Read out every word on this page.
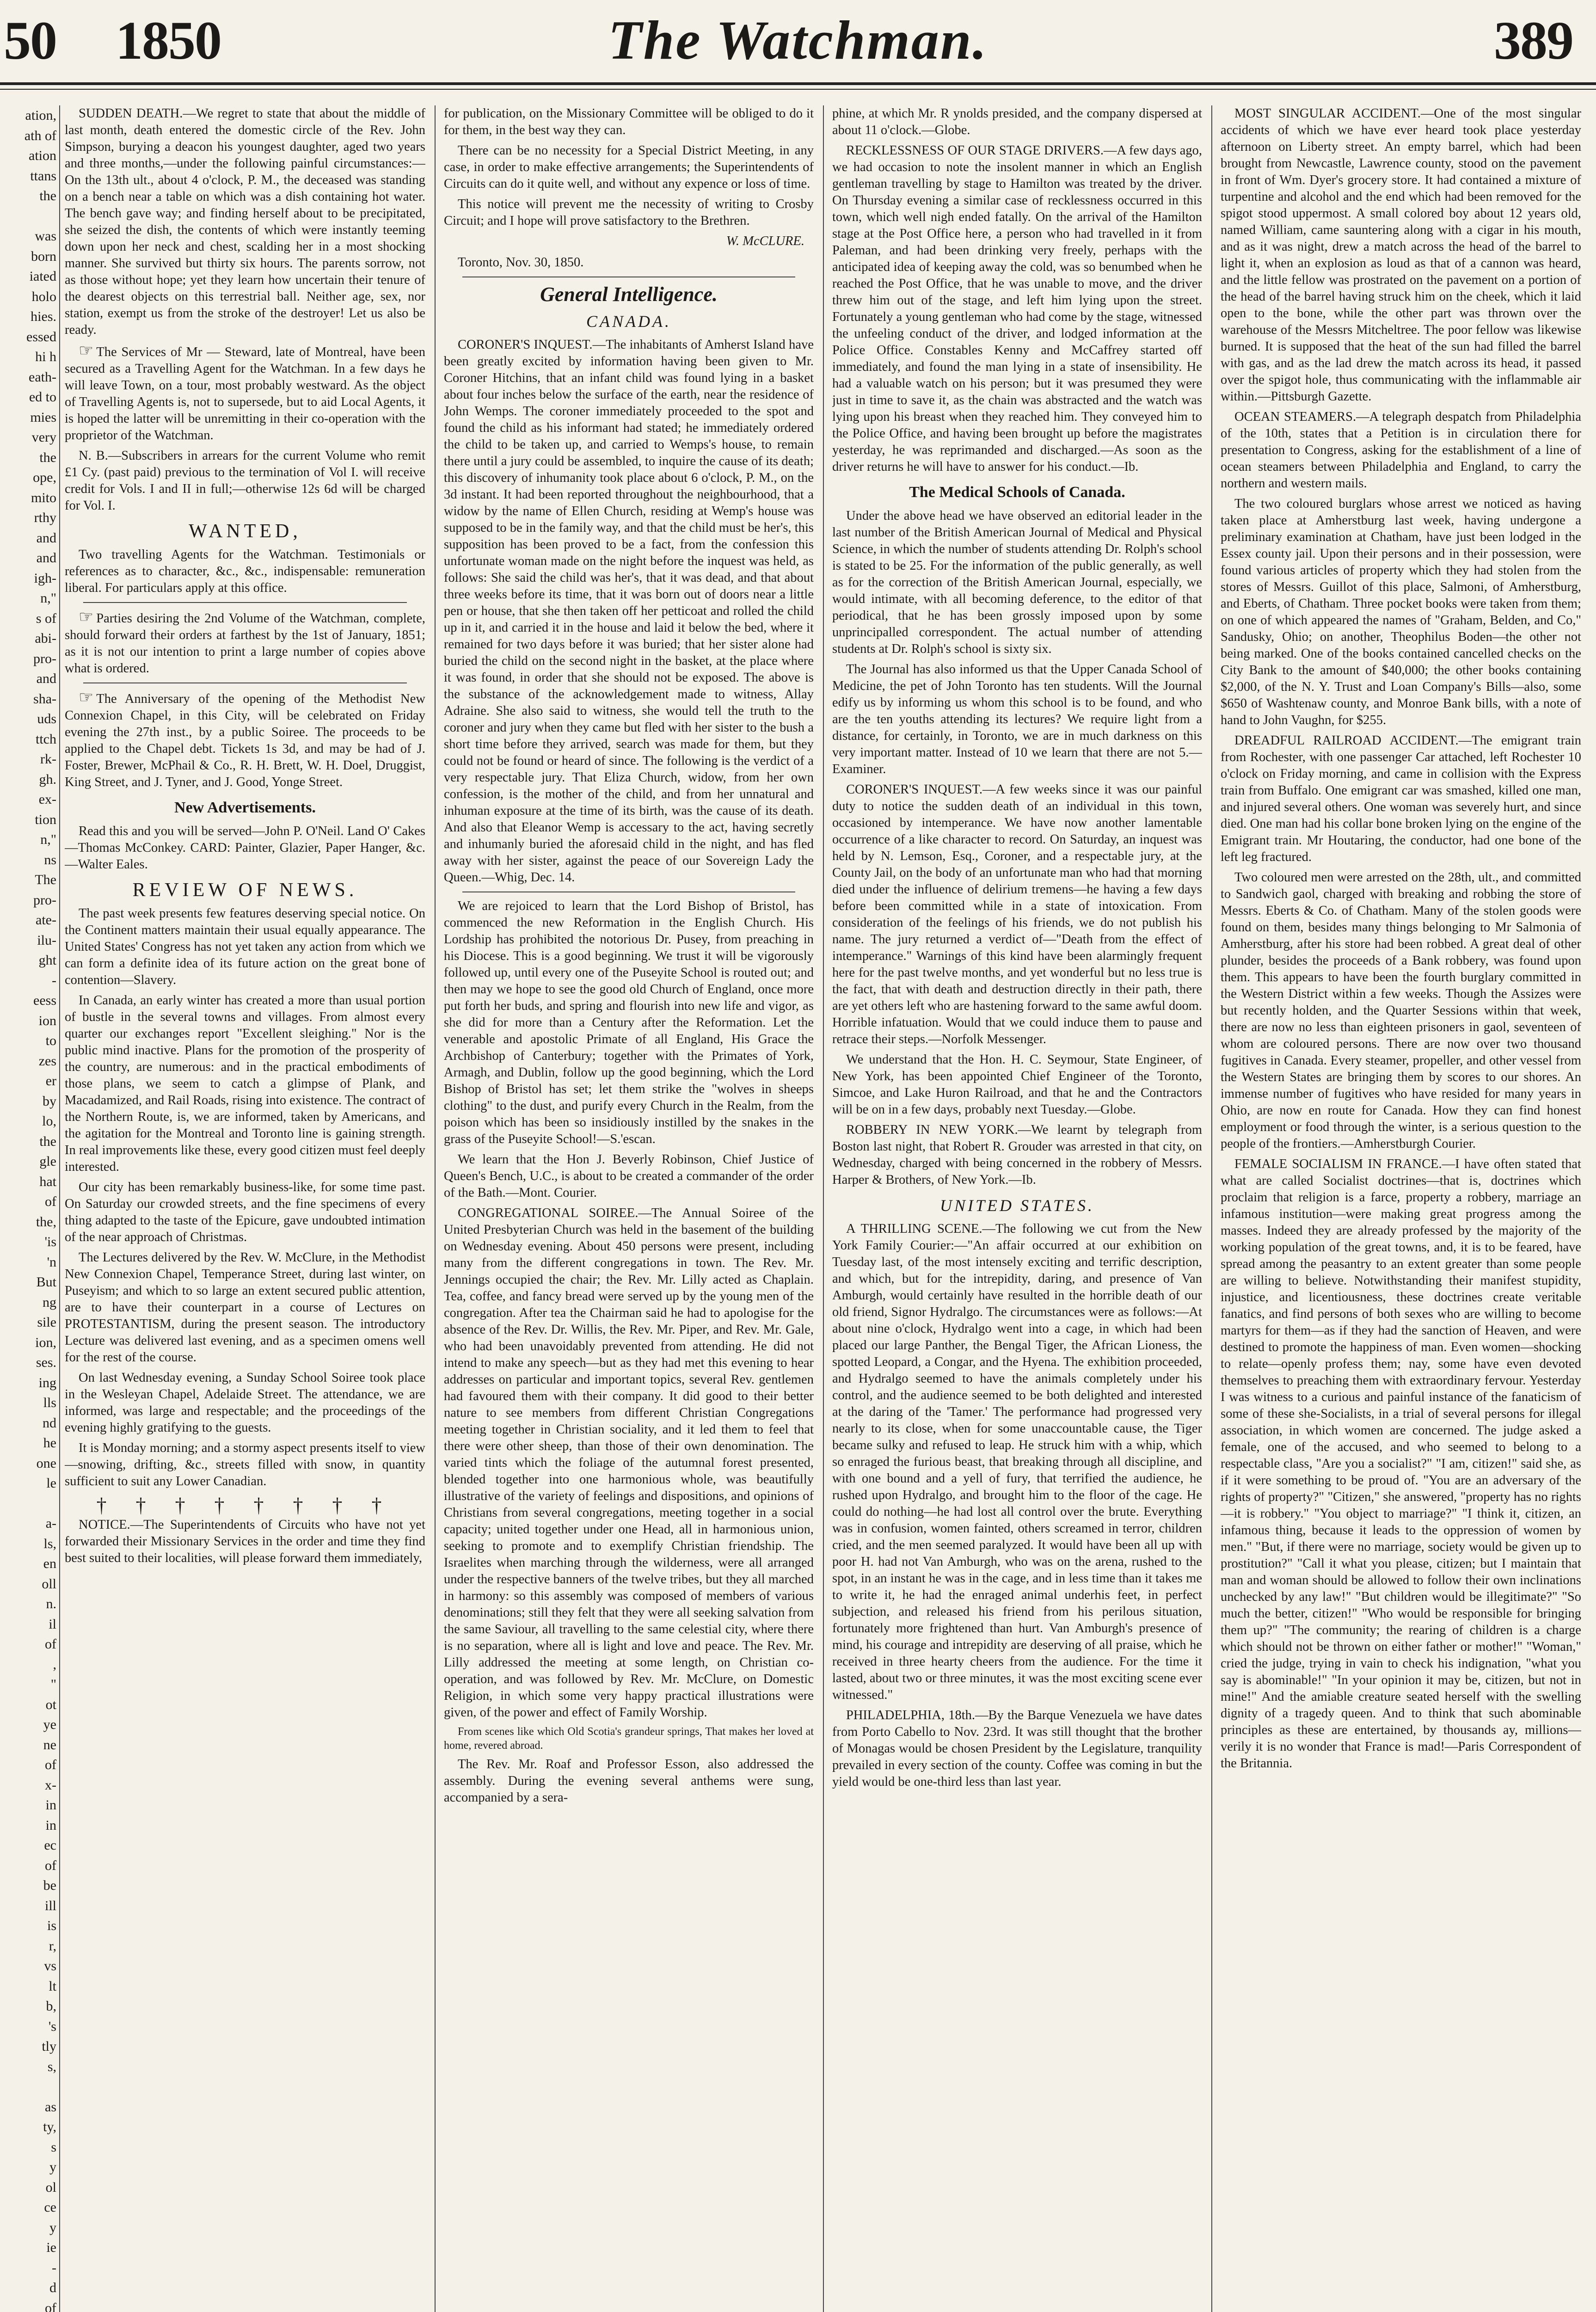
50 1850	The Watchman.	389
ation,
ath of
ation
ttans
the

was
born
iated
holo
hies.
essed
hi h
eath-
ed to
mies
very
the
ope,
mito
rthy
and
and
igh-
n,"
s of
abi-
pro-
and
sha-
uds
ttch
rk-
gh.
ex-
tion
n,"
ns
The
pro-
ate-
ilu-
ght
-
eess
ion
to
zes
er
by
lo,
the
gle
hat
of
the,
'is
'n
But
ng
sile
ion,
ses.
ing
lls
nd
he
one
le

a-
ls,
en
oll
n.
il
of
,
"
ot
ye
ne
of
x-
in
in
ec
of
be
ill
is
r,
vs
lt
b,
's
tly
s,

as
ty,
s
y
ol
ce
y
ie
-
d
of

SUDDEN DEATH.—We regret to state that about the middle of last month, death entered the domestic circle of the Rev. John Simpson, burying a deacon his youngest daughter, aged two years and three months,—under the following painful circumstances:—On the 13th ult., about 4 o'clock, P. M., the deceased was standing on a bench near a table on which was a dish containing hot water. The bench gave way; and finding herself about to be precipitated, she seized the dish, the contents of which were instantly teeming down upon her neck and chest, scalding her in a most shocking manner. She survived but thirty six hours. The parents sorrow, not as those without hope; yet they learn how uncertain their tenure of the dearest objects on this terrestrial ball. Neither age, sex, nor station, exempt us from the stroke of the destroyer! Let us also be ready.

☞ The Services of Mr — Steward, late of Montreal, have been secured as a Travelling Agent for the Watchman. In a few days he will leave Town, on a tour, most probably westward. As the object of Travelling Agents is, not to supersede, but to aid Local Agents, it is hoped the latter will be unremitting in their co-operation with the proprietor of the Watchman.

N. B.—Subscribers in arrears for the current Volume who remit £1 Cy. (past paid) previous to the termination of Vol I. will receive credit for Vols. I and II in full;—otherwise 12s 6d will be charged for Vol. I.

WANTED,

Two travelling Agents for the Watchman. Testimonials or references as to character, &c., &c., indispensable: remuneration liberal. For particulars apply at this office.

☞ Parties desiring the 2nd Volume of the Watchman, complete, should forward their orders at farthest by the 1st of January, 1851; as it is not our intention to print a large number of copies above what is ordered.

☞ The Anniversary of the opening of the Methodist New Connexion Chapel, in this City, will be celebrated on Friday evening the 27th inst., by a public Soiree. The proceeds to be applied to the Chapel debt. Tickets 1s 3d, and may be had of J. Foster, Brewer, McPhail & Co., R. H. Brett, W. H. Doel, Druggist, King Street, and J. Tyner, and J. Good, Yonge Street.

New Advertisements.

Read this and you will be served—John P. O'Neil. Land O' Cakes—Thomas McConkey. CARD: Painter, Glazier, Paper Hanger, &c.—Walter Eales.

REVIEW OF NEWS.

The past week presents few features deserving special notice. On the Continent matters maintain their usual equally appearance. The United States' Congress has not yet taken any action from which we can form a definite idea of its future action on the great bone of contention—Slavery.

In Canada, an early winter has created a more than usual portion of bustle in the several towns and villages. From almost every quarter our exchanges report "Excellent sleighing." Nor is the public mind inactive. Plans for the promotion of the prosperity of the country, are numerous: and in the practical embodiments of those plans, we seem to catch a glimpse of Plank, and Macadamized, and Rail Roads, rising into existence. The contract of the Northern Route, is, we are informed, taken by Americans, and the agitation for the Montreal and Toronto line is gaining strength. In real improvements like these, every good citizen must feel deeply interested.

Our city has been remarkably business-like, for some time past. On Saturday our crowded streets, and the fine specimens of every thing adapted to the taste of the Epicure, gave undoubted intimation of the near approach of Christmas.

The Lectures delivered by the Rev. W. McClure, in the Methodist New Connexion Chapel, Temperance Street, during last winter, on Puseyism; and which to so large an extent secured public attention, are to have their counterpart in a course of Lectures on PROTESTANTISM, during the present season. The introductory Lecture was delivered last evening, and as a specimen omens well for the rest of the course.

On last Wednesday evening, a Sunday School Soiree took place in the Wesleyan Chapel, Adelaide Street. The attendance, we are informed, was large and respectable; and the proceedings of the evening highly gratifying to the guests.

It is Monday morning; and a stormy aspect presents itself to view—snowing, drifting, &c., streets filled with snow, in quantity sufficient to suit any Lower Canadian.

† † † † † † † †

NOTICE.—The Superintendents of Circuits who have not yet forwarded their Missionary Services in the order and time they find best suited to their localities, will please forward them immediately,

for publication, on the Missionary Committee will be obliged to do it for them, in the best way they can.

There can be no necessity for a Special District Meeting, in any case, in order to make effective arrangements; the Superintendents of Circuits can do it quite well, and without any expence or loss of time.

This notice will prevent me the necessity of writing to Crosby Circuit; and I hope will prove satisfactory to the Brethren.

W. McCLURE.

Toronto, Nov. 30, 1850.

General Intelligence.
CANADA.

CORONER'S INQUEST.—The inhabitants of Amherst Island have been greatly excited by information having been given to Mr. Coroner Hitchins, that an infant child was found lying in a basket about four inches below the surface of the earth, near the residence of John Wemps. The coroner immediately proceeded to the spot and found the child as his informant had stated; he immediately ordered the child to be taken up, and carried to Wemps's house, to remain there until a jury could be assembled, to inquire the cause of its death; this discovery of inhumanity took place about 6 o'clock, P. M., on the 3d instant. It had been reported throughout the neighbourhood, that a widow by the name of Ellen Church, residing at Wemp's house was supposed to be in the family way, and that the child must be her's, this supposition has been proved to be a fact, from the confession this unfortunate woman made on the night before the inquest was held, as follows: She said the child was her's, that it was dead, and that about three weeks before its time, that it was born out of doors near a little pen or house, that she then taken off her petticoat and rolled the child up in it, and carried it in the house and laid it below the bed, where it remained for two days before it was buried; that her sister alone had buried the child on the second night in the basket, at the place where it was found, in order that she should not be exposed. The above is the substance of the acknowledgement made to witness, Allay Adraine. She also said to witness, she would tell the truth to the coroner and jury when they came but fled with her sister to the bush a short time before they arrived, search was made for them, but they could not be found or heard of since. The following is the verdict of a very respectable jury. That Eliza Church, widow, from her own confession, is the mother of the child, and from her unnatural and inhuman exposure at the time of its birth, was the cause of its death. And also that Eleanor Wemp is accessary to the act, having secretly and inhumanly buried the aforesaid child in the night, and has fled away with her sister, against the peace of our Sovereign Lady the Queen.—Whig, Dec. 14.

We are rejoiced to learn that the Lord Bishop of Bristol, has commenced the new Reformation in the English Church. His Lordship has prohibited the notorious Dr. Pusey, from preaching in his Diocese. This is a good beginning. We trust it will be vigorously followed up, until every one of the Puseyite School is routed out; and then may we hope to see the good old Church of England, once more put forth her buds, and spring and flourish into new life and vigor, as she did for more than a Century after the Reformation. Let the venerable and apostolic Primate of all England, His Grace the Archbishop of Canterbury; together with the Primates of York, Armagh, and Dublin, follow up the good beginning, which the Lord Bishop of Bristol has set; let them strike the "wolves in sheeps clothing" to the dust, and purify every Church in the Realm, from the poison which has been so insidiously instilled by the snakes in the grass of the Puseyite School!—S.'escan.

We learn that the Hon J. Beverly Robinson, Chief Justice of Queen's Bench, U.C., is about to be created a commander of the order of the Bath.—Mont. Courier.

CONGREGATIONAL SOIREE.—The Annual Soiree of the United Presbyterian Church was held in the basement of the building on Wednesday evening. About 450 persons were present, including many from the different congregations in town. The Rev. Mr. Jennings occupied the chair; the Rev. Mr. Lilly acted as Chaplain. Tea, coffee, and fancy bread were served up by the young men of the congregation. After tea the Chairman said he had to apologise for the absence of the Rev. Dr. Willis, the Rev. Mr. Piper, and Rev. Mr. Gale, who had been unavoidably prevented from attending. He did not intend to make any speech—but as they had met this evening to hear addresses on particular and important topics, several Rev. gentlemen had favoured them with their company. It did good to their better nature to see members from different Christian Congregations meeting together in Christian sociality, and it led them to feel that there were other sheep, than those of their own denomination. The varied tints which the foliage of the autumnal forest presented, blended together into one harmonious whole, was beautifully illustrative of the variety of feelings and dispositions, and opinions of Christians from several congregations, meeting together in a social capacity; united together under one Head, all in harmonious union, seeking to promote and to exemplify Christian friendship. The Israelites when marching through the wilderness, were all arranged under the respective banners of the twelve tribes, but they all marched in harmony: so this assembly was composed of members of various denominations; still they felt that they were all seeking salvation from the same Saviour, all travelling to the same celestial city, where there is no separation, where all is light and love and peace. The Rev. Mr. Lilly addressed the meeting at some length, on Christian co-operation, and was followed by Rev. Mr. McClure, on Domestic Religion, in which some very happy practical illustrations were given, of the power and effect of Family Worship.

From scenes like which Old Scotia's grandeur springs, That makes her loved at home, revered abroad.

The Rev. Mr. Roaf and Professor Esson, also addressed the assembly. During the evening several anthems were sung, accompanied by a sera-

phine, at which Mr. R ynolds presided, and the company dispersed at about 11 o'clock.—Globe.

RECKLESSNESS OF OUR STAGE DRIVERS.—A few days ago, we had occasion to note the insolent manner in which an English gentleman travelling by stage to Hamilton was treated by the driver. On Thursday evening a similar case of recklessness occurred in this town, which well nigh ended fatally. On the arrival of the Hamilton stage at the Post Office here, a person who had travelled in it from Paleman, and had been drinking very freely, perhaps with the anticipated idea of keeping away the cold, was so benumbed when he reached the Post Office, that he was unable to move, and the driver threw him out of the stage, and left him lying upon the street. Fortunately a young gentleman who had come by the stage, witnessed the unfeeling conduct of the driver, and lodged information at the Police Office. Constables Kenny and McCaffrey started off immediately, and found the man lying in a state of insensibility. He had a valuable watch on his person; but it was presumed they were just in time to save it, as the chain was abstracted and the watch was lying upon his breast when they reached him. They conveyed him to the Police Office, and having been brought up before the magistrates yesterday, he was reprimanded and discharged.—As soon as the driver returns he will have to answer for his conduct.—Ib.

The Medical Schools of Canada.

Under the above head we have observed an editorial leader in the last number of the British American Journal of Medical and Physical Science, in which the number of students attending Dr. Rolph's school is stated to be 25. For the information of the public generally, as well as for the correction of the British American Journal, especially, we would intimate, with all becoming deference, to the editor of that periodical, that he has been grossly imposed upon by some unprincipalled correspondent. The actual number of attending students at Dr. Rolph's school is sixty six.

The Journal has also informed us that the Upper Canada School of Medicine, the pet of John Toronto has ten students. Will the Journal edify us by informing us whom this school is to be found, and who are the ten youths attending its lectures? We require light from a distance, for certainly, in Toronto, we are in much darkness on this very important matter. Instead of 10 we learn that there are not 5.—Examiner.

CORONER'S INQUEST.—A few weeks since it was our painful duty to notice the sudden death of an individual in this town, occasioned by intemperance. We have now another lamentable occurrence of a like character to record. On Saturday, an inquest was held by N. Lemson, Esq., Coroner, and a respectable jury, at the County Jail, on the body of an unfortunate man who had that morning died under the influence of delirium tremens—he having a few days before been committed while in a state of intoxication. From consideration of the feelings of his friends, we do not publish his name. The jury returned a verdict of—"Death from the effect of intemperance." Warnings of this kind have been alarmingly frequent here for the past twelve months, and yet wonderful but no less true is the fact, that with death and destruction directly in their path, there are yet others left who are hastening forward to the same awful doom. Horrible infatuation. Would that we could induce them to pause and retrace their steps.—Norfolk Messenger.

We understand that the Hon. H. C. Seymour, State Engineer, of New York, has been appointed Chief Engineer of the Toronto, Simcoe, and Lake Huron Railroad, and that he and the Contractors will be on in a few days, probably next Tuesday.—Globe.

ROBBERY IN NEW YORK.—We learnt by telegraph from Boston last night, that Robert R. Grouder was arrested in that city, on Wednesday, charged with being concerned in the robbery of Messrs. Harper & Brothers, of New York.—Ib.

UNITED STATES.

A THRILLING SCENE.—The following we cut from the New York Family Courier:—"An affair occurred at our exhibition on Tuesday last, of the most intensely exciting and terrific description, and which, but for the intrepidity, daring, and presence of Van Amburgh, would certainly have resulted in the horrible death of our old friend, Signor Hydralgo. The circumstances were as follows:—At about nine o'clock, Hydralgo went into a cage, in which had been placed our large Panther, the Bengal Tiger, the African Lioness, the spotted Leopard, a Congar, and the Hyena. The exhibition proceeded, and Hydralgo seemed to have the animals completely under his control, and the audience seemed to be both delighted and interested at the daring of the 'Tamer.' The performance had progressed very nearly to its close, when for some unaccountable cause, the Tiger became sulky and refused to leap. He struck him with a whip, which so enraged the furious beast, that breaking through all discipline, and with one bound and a yell of fury, that terrified the audience, he rushed upon Hydralgo, and brought him to the floor of the cage. He could do nothing—he had lost all control over the brute. Everything was in confusion, women fainted, others screamed in terror, children cried, and the men seemed paralyzed. It would have been all up with poor H. had not Van Amburgh, who was on the arena, rushed to the spot, in an instant he was in the cage, and in less time than it takes me to write it, he had the enraged animal underhis feet, in perfect subjection, and released his friend from his perilous situation, fortunately more frightened than hurt. Van Amburgh's presence of mind, his courage and intrepidity are deserving of all praise, which he received in three hearty cheers from the audience. For the time it lasted, about two or three minutes, it was the most exciting scene ever witnessed."

PHILADELPHIA, 18th.—By the Barque Venezuela we have dates from Porto Cabello to Nov. 23rd. It was still thought that the brother of Monagas would be chosen President by the Legislature, tranquility prevailed in every section of the county. Coffee was coming in but the yield would be one-third less than last year.

MOST SINGULAR ACCIDENT.—One of the most singular accidents of which we have ever heard took place yesterday afternoon on Liberty street. An empty barrel, which had been brought from Newcastle, Lawrence county, stood on the pavement in front of Wm. Dyer's grocery store. It had contained a mixture of turpentine and alcohol and the end which had been removed for the spigot stood uppermost. A small colored boy about 12 years old, named William, came sauntering along with a cigar in his mouth, and as it was night, drew a match across the head of the barrel to light it, when an explosion as loud as that of a cannon was heard, and the little fellow was prostrated on the pavement on a portion of the head of the barrel having struck him on the cheek, which it laid open to the bone, while the other part was thrown over the warehouse of the Messrs Mitcheltree. The poor fellow was likewise burned. It is supposed that the heat of the sun had filled the barrel with gas, and as the lad drew the match across its head, it passed over the spigot hole, thus communicating with the inflammable air within.—Pittsburgh Gazette.

OCEAN STEAMERS.—A telegraph despatch from Philadelphia of the 10th, states that a Petition is in circulation there for presentation to Congress, asking for the establishment of a line of ocean steamers between Philadelphia and England, to carry the northern and western mails.

The two coloured burglars whose arrest we noticed as having taken place at Amherstburg last week, having undergone a preliminary examination at Chatham, have just been lodged in the Essex county jail. Upon their persons and in their possession, were found various articles of property which they had stolen from the stores of Messrs. Guillot of this place, Salmoni, of Amherstburg, and Eberts, of Chatham. Three pocket books were taken from them; on one of which appeared the names of "Graham, Belden, and Co," Sandusky, Ohio; on another, Theophilus Boden—the other not being marked. One of the books contained cancelled checks on the City Bank to the amount of $40,000; the other books containing $2,000, of the N. Y. Trust and Loan Company's Bills—also, some $650 of Washtenaw county, and Monroe Bank bills, with a note of hand to John Vaughn, for $255.

DREADFUL RAILROAD ACCIDENT.—The emigrant train from Rochester, with one passenger Car attached, left Rochester 10 o'clock on Friday morning, and came in collision with the Express train from Buffalo. One emigrant car was smashed, killed one man, and injured several others. One woman was severely hurt, and since died. One man had his collar bone broken lying on the engine of the Emigrant train. Mr Houtaring, the conductor, had one bone of the left leg fractured.

Two coloured men were arrested on the 28th, ult., and committed to Sandwich gaol, charged with breaking and robbing the store of Messrs. Eberts & Co. of Chatham. Many of the stolen goods were found on them, besides many things belonging to Mr Salmonia of Amherstburg, after his store had been robbed. A great deal of other plunder, besides the proceeds of a Bank robbery, was found upon them. This appears to have been the fourth burglary committed in the Western District within a few weeks. Though the Assizes were but recently holden, and the Quarter Sessions within that week, there are now no less than eighteen prisoners in gaol, seventeen of whom are coloured persons. There are now over two thousand fugitives in Canada. Every steamer, propeller, and other vessel from the Western States are bringing them by scores to our shores. An immense number of fugitives who have resided for many years in Ohio, are now en route for Canada. How they can find honest employment or food through the winter, is a serious question to the people of the frontiers.—Amherstburgh Courier.

FEMALE SOCIALISM IN FRANCE.—I have often stated that what are called Socialist doctrines—that is, doctrines which proclaim that religion is a farce, property a robbery, marriage an infamous institution—were making great progress among the masses. Indeed they are already professed by the majority of the working population of the great towns, and, it is to be feared, have spread among the peasantry to an extent greater than some people are willing to believe. Notwithstanding their manifest stupidity, injustice, and licentiousness, these doctrines create veritable fanatics, and find persons of both sexes who are willing to become martyrs for them—as if they had the sanction of Heaven, and were destined to promote the happiness of man. Even women—shocking to relate—openly profess them; nay, some have even devoted themselves to preaching them with extraordinary fervour. Yesterday I was witness to a curious and painful instance of the fanaticism of some of these she-Socialists, in a trial of several persons for illegal association, in which women are concerned. The judge asked a female, one of the accused, and who seemed to belong to a respectable class, "Are you a socialist?" "I am, citizen!" said she, as if it were something to be proud of. "You are an adversary of the rights of property?" "Citizen," she answered, "property has no rights—it is robbery." "You object to marriage?" "I think it, citizen, an infamous thing, because it leads to the oppression of women by men." "But, if there were no marriage, society would be given up to prostitution?" "Call it what you please, citizen; but I maintain that man and woman should be allowed to follow their own inclinations unchecked by any law!" "But children would be illegitimate?" "So much the better, citizen!" "Who would be responsible for bringing them up?" "The community; the rearing of children is a charge which should not be thrown on either father or mother!" "Woman," cried the judge, trying in vain to check his indignation, "what you say is abominable!" "In your opinion it may be, citizen, but not in mine!" And the amiable creature seated herself with the swelling dignity of a tragedy queen. And to think that such abominable principles as these are entertained, by thousands ay, millions—verily it is no wonder that France is mad!—Paris Correspondent of the Britannia.
